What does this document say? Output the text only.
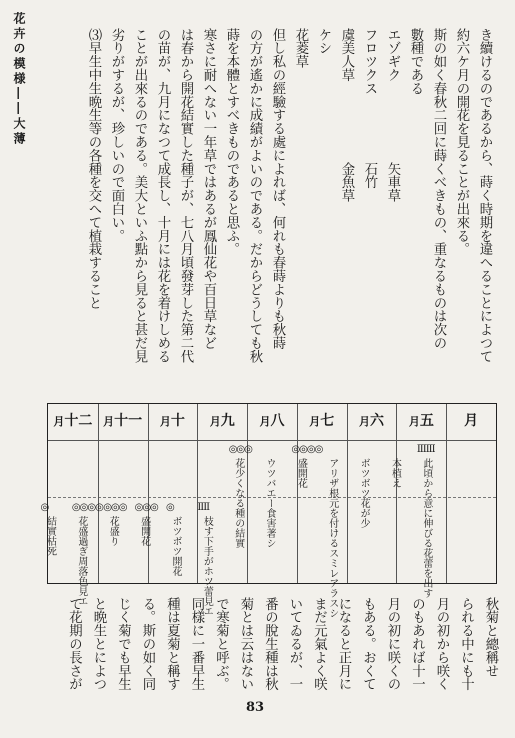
花卉の模様――大薄	き續けるのであるから、蒔く時期を違へることによつて
約六ケ月の開花を見ることが出來る。
斯の如く春秋二回に蒔くべきもの、重なるものは次の
數種である
エゾギク　　　　　　矢車草
フロツクス　　　　　石竹
虞美人草　　　　　　金魚草
ケシ
花菱草
但し私の經驗する處によれば、何れも春蒔よりも秋蒔
の方が遙かに成績がよいのである。だからどうしても秋
蒔を本體とすべきものであると思ふ。
寒さに耐へない一年草ではあるが鳳仙花や百日草など
は春から開花結實した種子が、七八月頃發芽した第二代
の苗が、九月になつて成長し、十月には花を着けしめる
ことが出來るのである。美大といふ點から見ると甚だ見
劣りがするが、珍しいので面白い。
⑶早生中生晩生等の各種を交へて植栽すること
月
月五
月六
月七
月八
月九
月十
月十一
月十二
ⅠⅠⅠⅠⅠⅠ
此頃から意に伸びる花蕾を出す
本植え
ボツボツ花が少
アリザ根元を付けるスミレアラスシ
◎◎◎◎
盛開花
ウツバエー食害著シ
◎◎◎
花少くなる種の結實
ⅠⅠⅠⅠ
枝す下手がホツ蕾見エ
◎
ボツボツ開花
◎◎◎
盛開花
◎◎◎
花盛り
◎◎◎◎
花盛過ぎ周落色見エ
◎
結實枯死
秋菊と總稱せ
られる中にも十
月の初から咲く
のもあれば十一
月の初に咲くの
もある。おくて
になると正月に
まだ元氣よく咲
いてゐるが、一
番の脫生種は秋
菊とは云はない
で寒菊と呼ぶ。
同樣に一番早生
種は夏菊と稱す
る。斯の如く同
じく菊でも早生
と晩生とによつ
て花期の長さが
83
